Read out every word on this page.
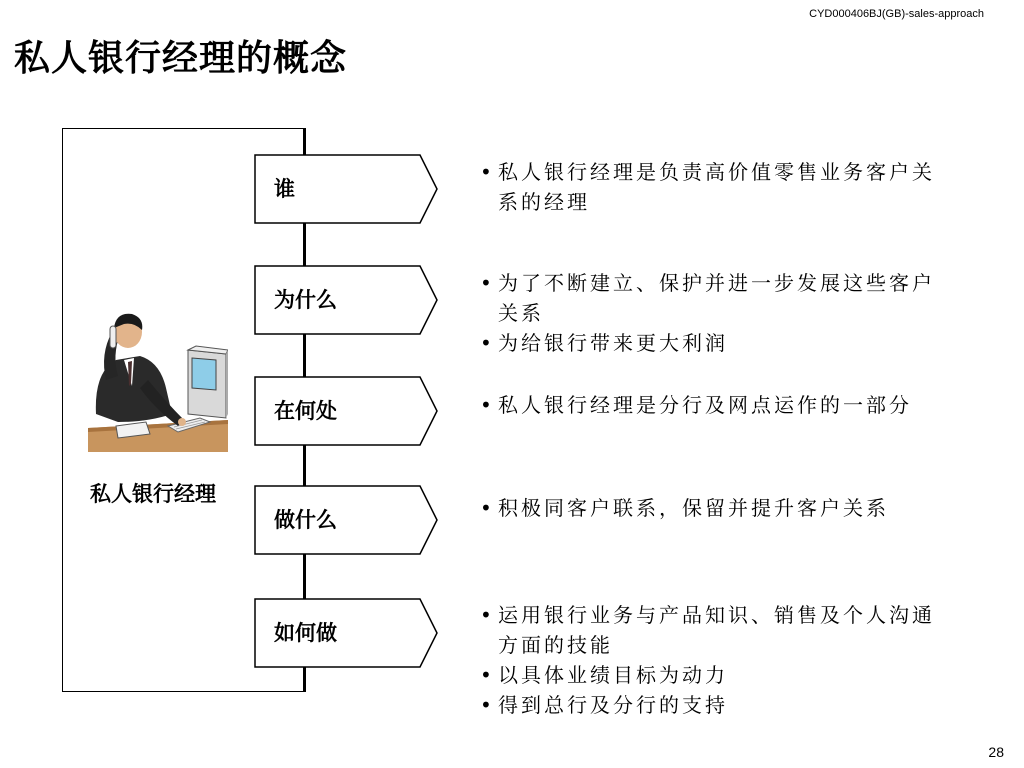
CYD000406BJ(GB)-sales-approach
私人银行经理的概念
私人银行经理
谁
• 私人银行经理是负责高价值零售业务客户关系的经理
为什么
• 为了不断建立、保护并进一步发展这些客户关系
• 为给银行带来更大利润
在何处	• 私人银行经理是分行及网点运作的一部分
做什么	• 积极同客户联系，保留并提升客户关系
如何做
• 运用银行业务与产品知识、销售及个人沟通方面的技能
• 以具体业绩目标为动力
• 得到总行及分行的支持
28
